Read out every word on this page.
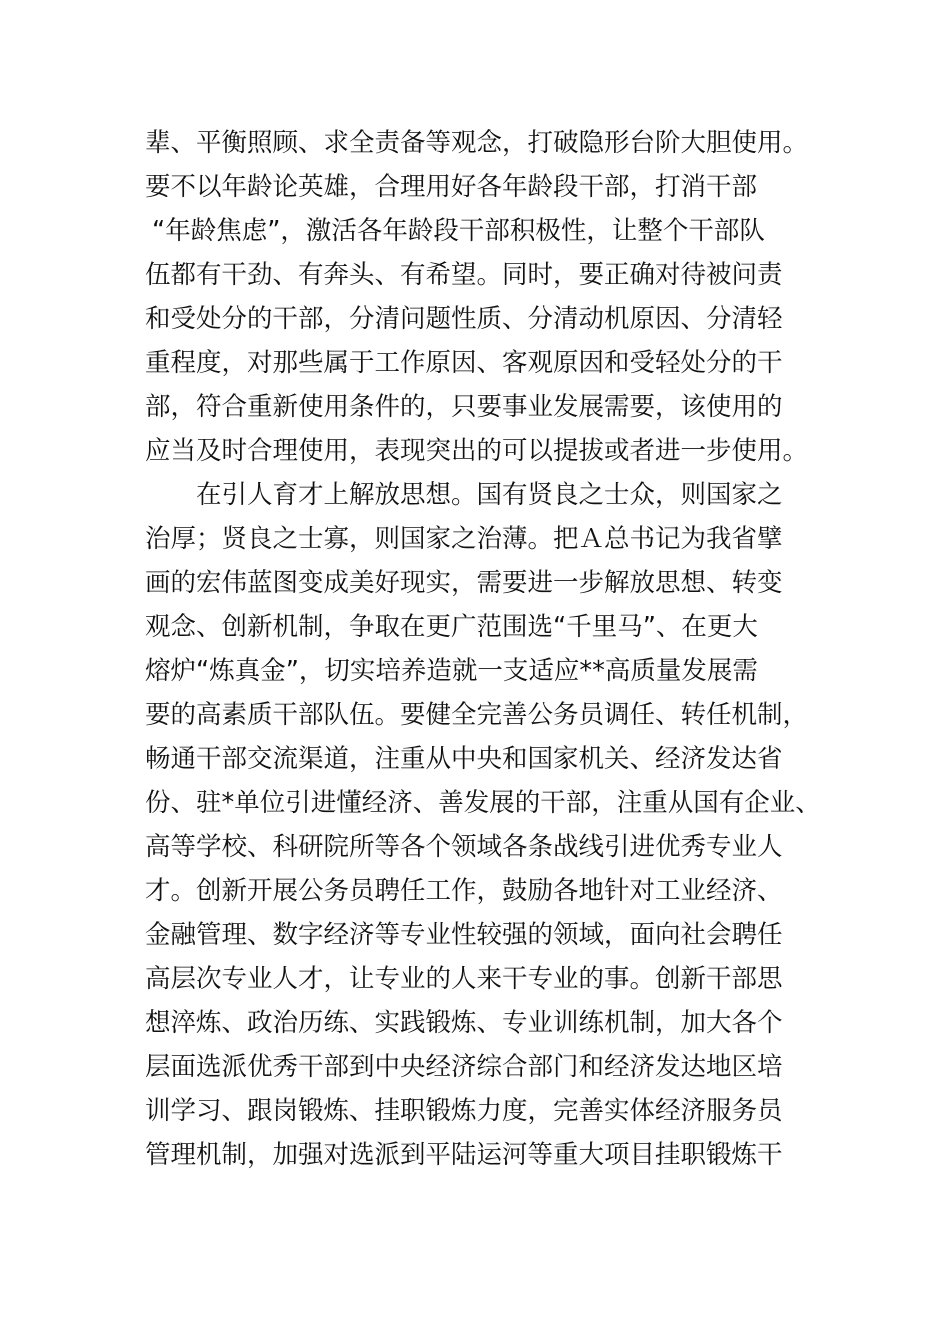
辈、平衡照顾、求全责备等观念，打破隐形台阶大胆使用。
要不以年龄论英雄，合理用好各年龄段干部，打消干部
“年龄焦虑”，激活各年龄段干部积极性，让整个干部队
伍都有干劲、有奔头、有希望。同时，要正确对待被问责
和受处分的干部，分清问题性质、分清动机原因、分清轻
重程度，对那些属于工作原因、客观原因和受轻处分的干
部，符合重新使用条件的，只要事业发展需要，该使用的
应当及时合理使用，表现突出的可以提拔或者进一步使用。
在引人育才上解放思想。国有贤良之士众，则国家之
治厚；贤良之士寡，则国家之治薄。把Ａ总书记为我省擘
画的宏伟蓝图变成美好现实，需要进一步解放思想、转变
观念、创新机制，争取在更广范围选“千里马”、在更大
熔炉“炼真金”，切实培养造就一支适应**高质量发展需
要的高素质干部队伍。要健全完善公务员调任、转任机制，
畅通干部交流渠道，注重从中央和国家机关、经济发达省
份、驻*单位引进懂经济、善发展的干部，注重从国有企业、
高等学校、科研院所等各个领域各条战线引进优秀专业人
才。创新开展公务员聘任工作，鼓励各地针对工业经济、
金融管理、数字经济等专业性较强的领域，面向社会聘任
高层次专业人才，让专业的人来干专业的事。创新干部思
想淬炼、政治历练、实践锻炼、专业训练机制，加大各个
层面选派优秀干部到中央经济综合部门和经济发达地区培
训学习、跟岗锻炼、挂职锻炼力度，完善实体经济服务员
管理机制，加强对选派到平陆运河等重大项目挂职锻炼干
